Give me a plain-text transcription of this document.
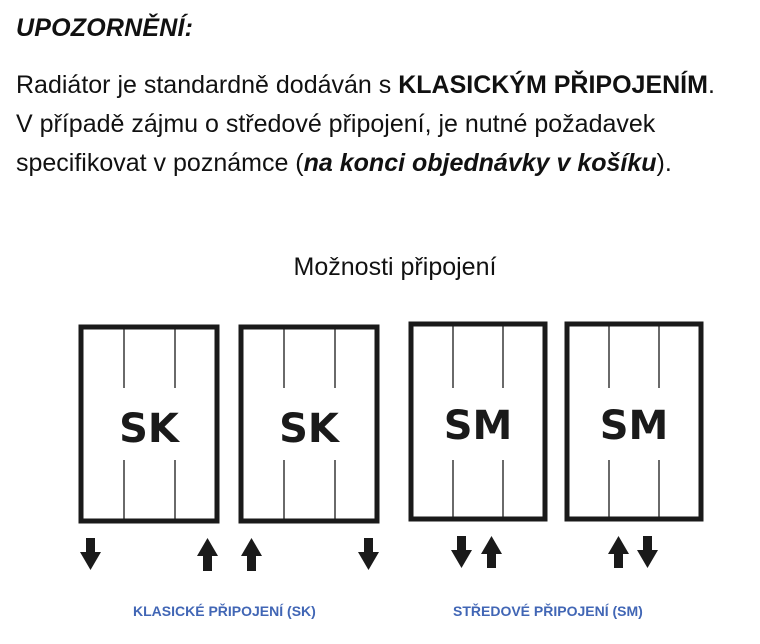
UPOZORNĚNÍ:
Radiátor je standardně dodáván s KLASICKÝM PŘIPOJENÍM.
V případě zájmu o středové připojení, je nutné požadavek
specifikovat v poznámce (na konci objednávky v košíku).
Možnosti připojení
SK	SK	SM SM
KLASICKÉ PŘIPOJENÍ (SK)	STŘEDOVÉ PŘIPOJENÍ (SM)
